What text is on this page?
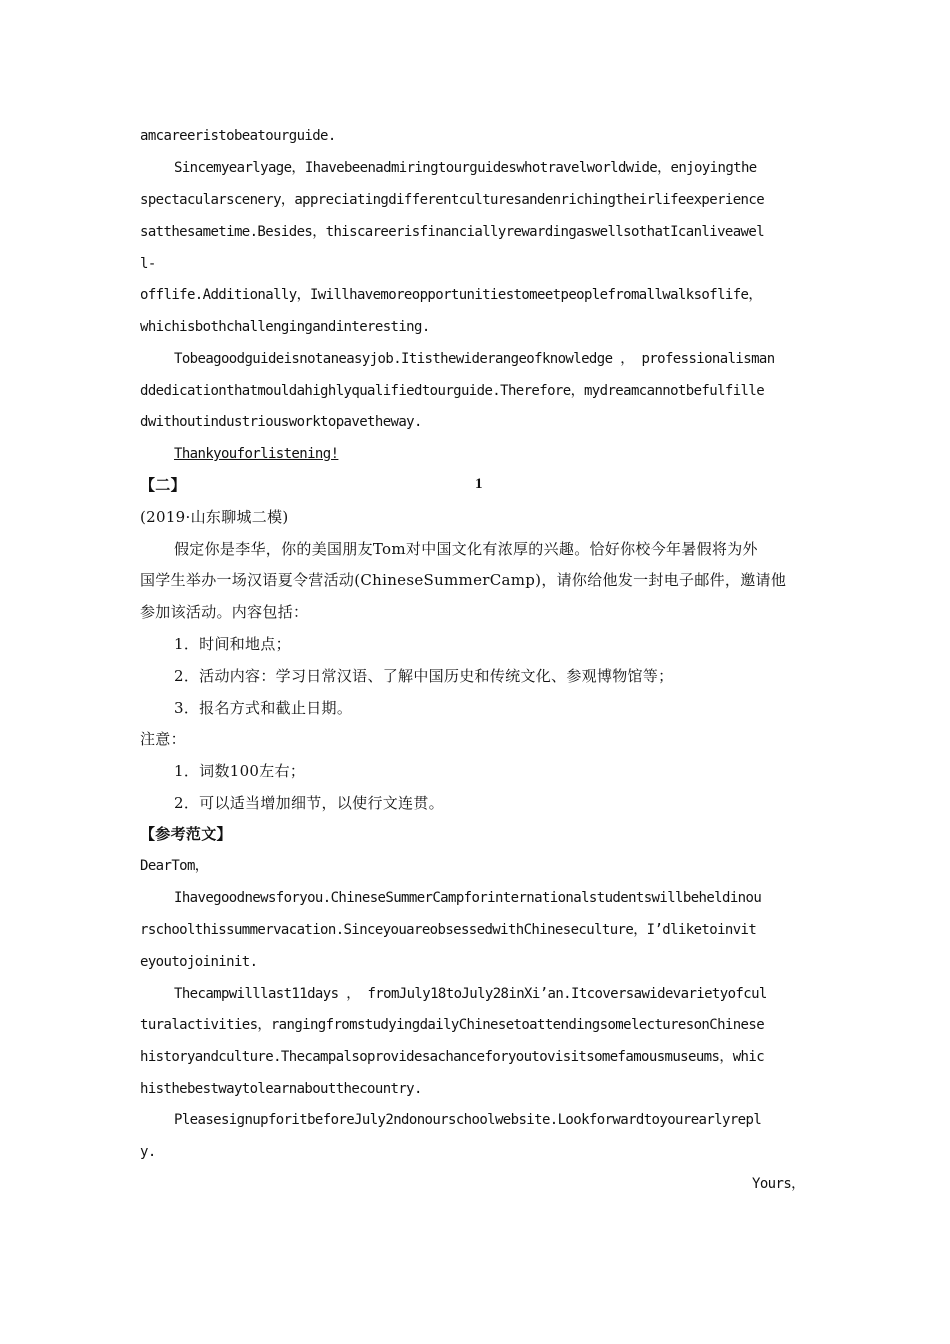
amcareeristobeatourguide.
Sincemyearlyage，Ihavebeenadmiringtourguideswhotravelworldwide，enjoyingthe
spectacularscenery，appreciatingdifferentculturesandenrichingtheirlifeexperience
satthesametime.Besides，thiscareerisfinanciallyrewardingaswellsothatIcanliveawel
l-
offlife.Additionally，Iwillhavemoreopportunitiestomeetpeoplefromallwalksoflife，
whichisbothchallengingandinteresting.
Tobeagoodguideisnotaneasyjob.Itisthewiderangeofknowledge ， professionalisman
ddedicationthatmouldahighlyqualifiedtourguide.Therefore，mydreamcannotbefulfille
dwithoutindustriousworktopavetheway.
Thankyouforlistening!
【二】	1
(2019·山东聊城二模)
假定你是李华，你的美国朋友Tom对中国文化有浓厚的兴趣。恰好你校今年暑假将为外
国学生举办一场汉语夏令营活动(ChineseSummerCamp)，请你给他发一封电子邮件，邀请他
参加该活动。内容包括：
1．时间和地点；
2．活动内容：学习日常汉语、了解中国历史和传统文化、参观博物馆等；
3．报名方式和截止日期。
注意：
1．词数100左右；
2．可以适当增加细节，以使行文连贯。
【参考范文】
DearTom，
Ihavegoodnewsforyou.ChineseSummerCampforinternationalstudentswillbeheldinou
rschoolthissummervacation.SinceyouareobsessedwithChineseculture，I’dliketoinvit
eyoutojoininit.
Thecampwilllast11days ， fromJuly18toJuly28inXi’an.Itcoversawidevarietyofcul
turalactivities，rangingfromstudyingdailyChinesetoattendingsomelecturesonChinese
historyandculture.Thecampalsoprovidesachanceforyoutovisitsomefamousmuseums，whic
histhebestwaytolearnaboutthecountry.
PleasesignupforitbeforeJuly2ndonourschoolwebsite.Lookforwardtoyourearlyrepl
y.
Yours，
